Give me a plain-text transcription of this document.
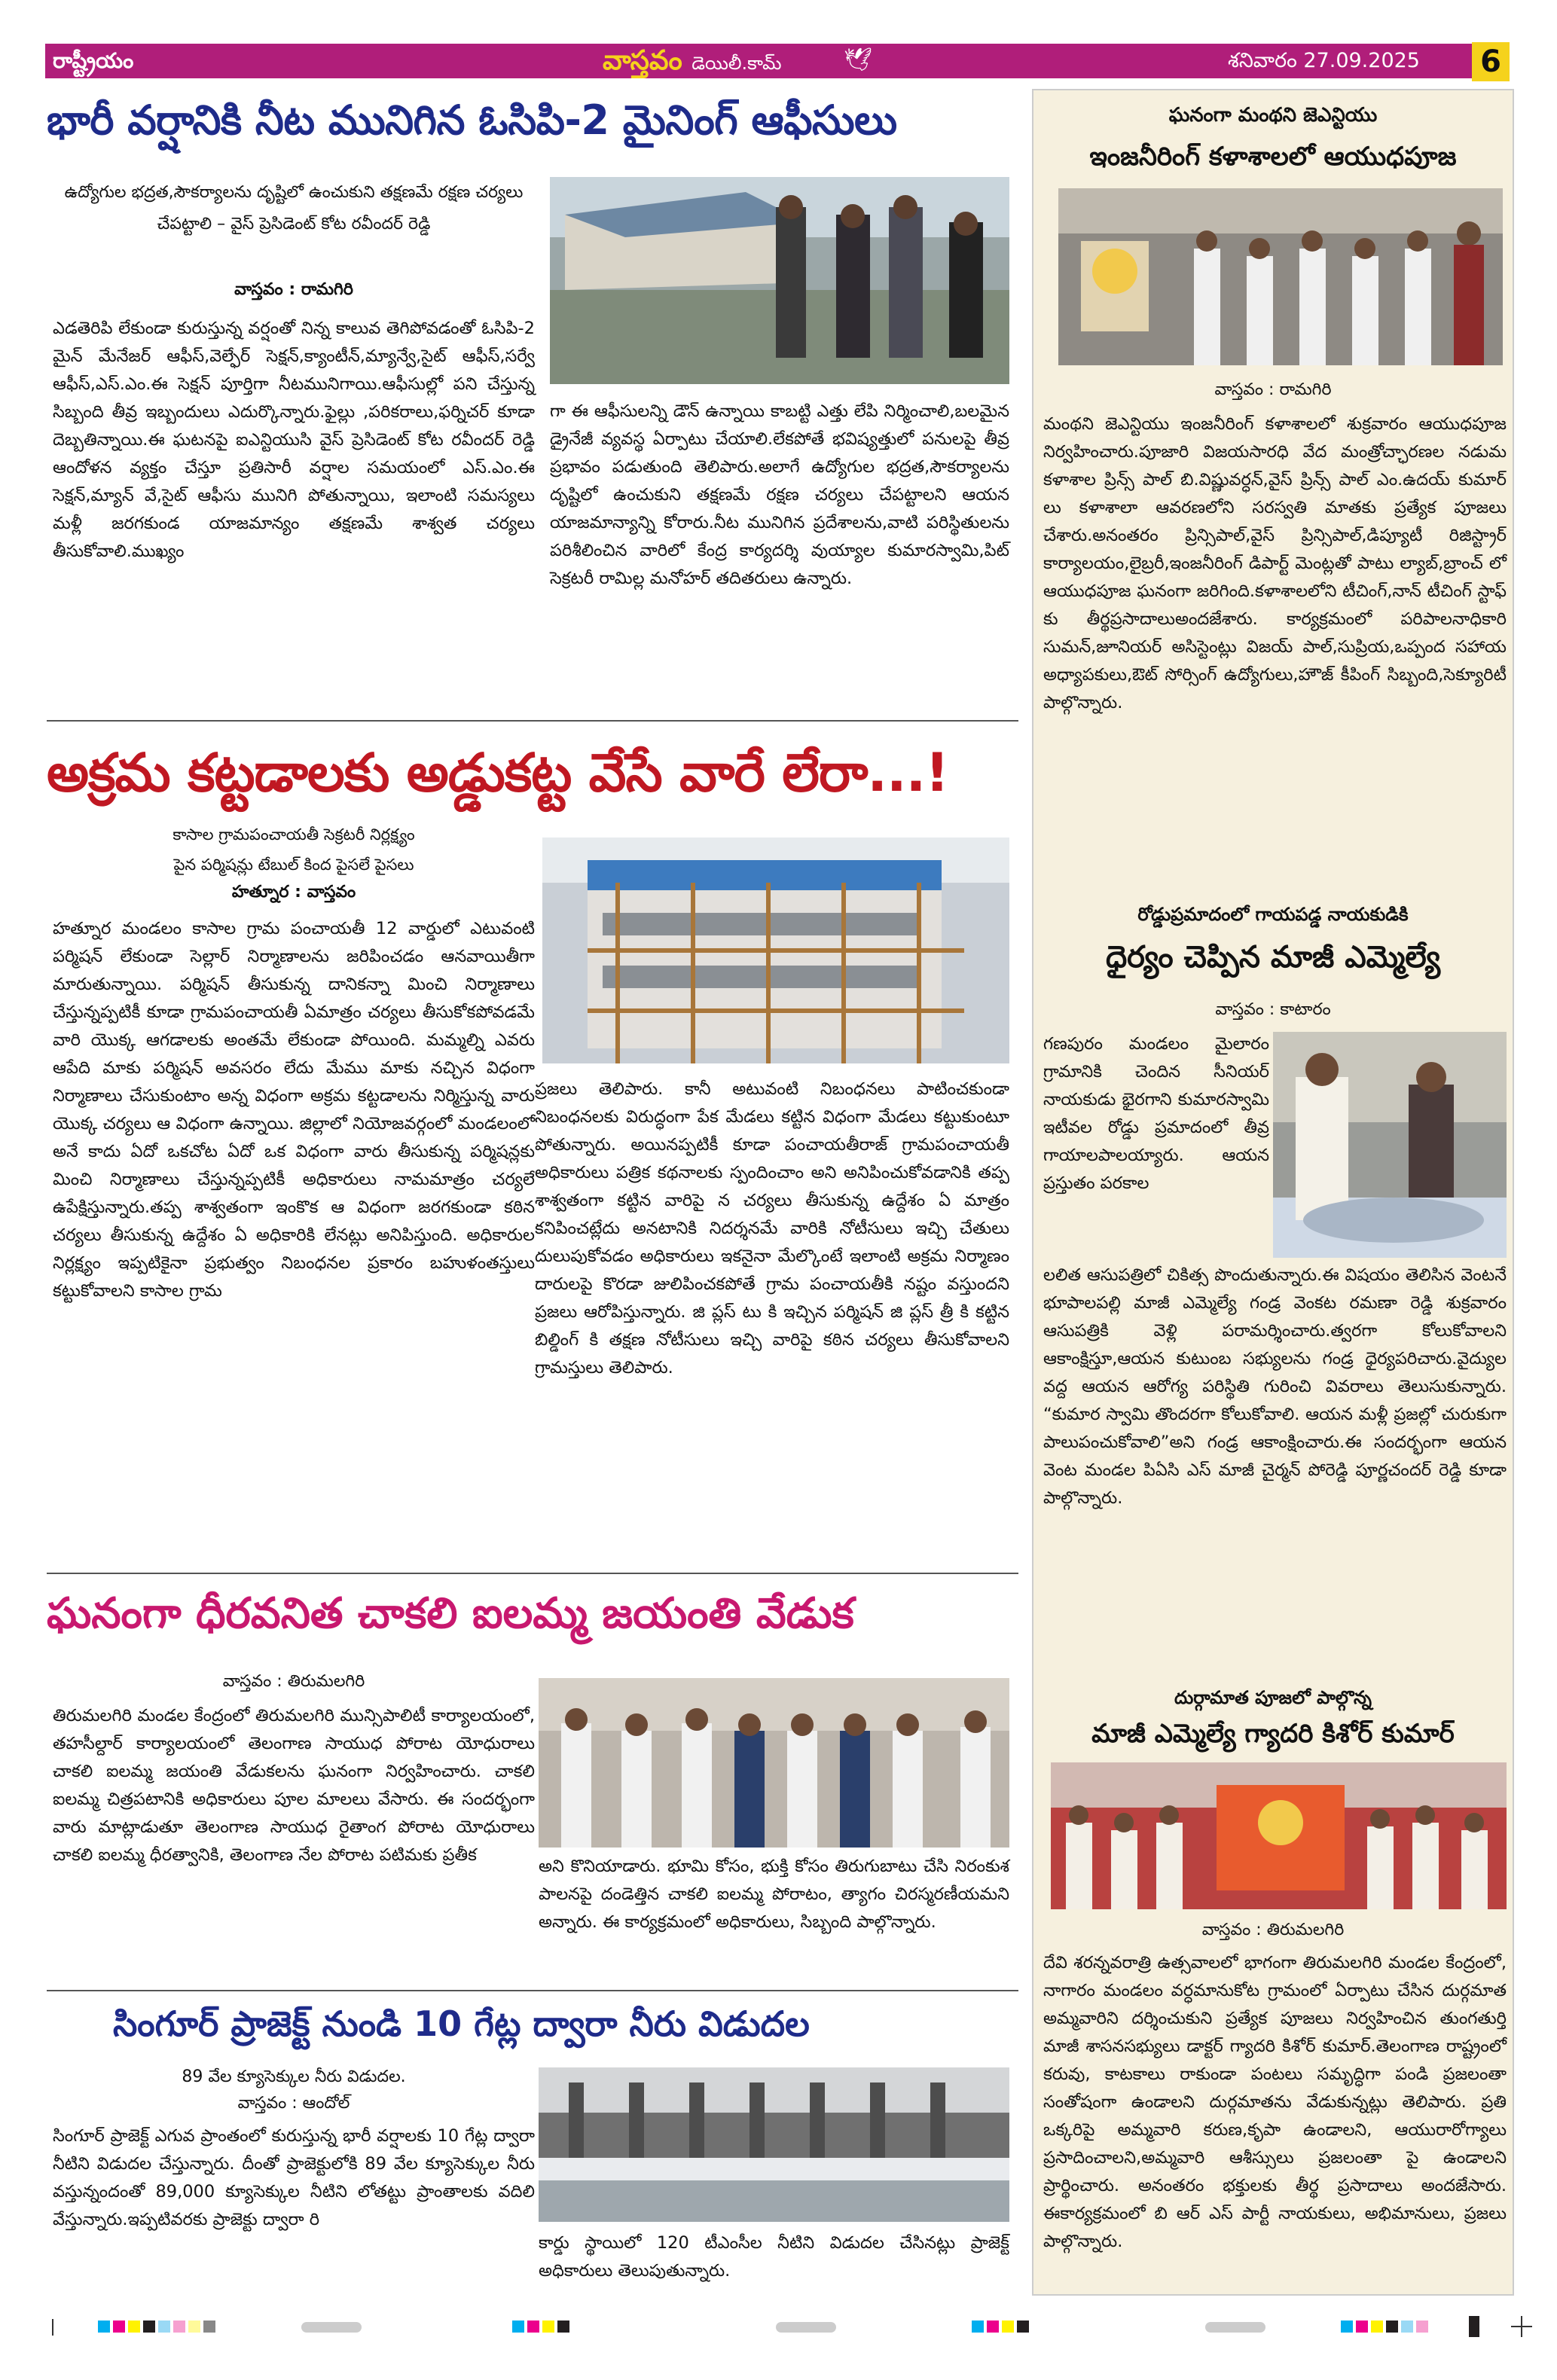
రాష్ట్రీయం	వాస్తవం డెయిలీ.కామ్	🕊	శనివారం 27.09.2025 6
భారీ వర్షానికి నీట మునిగిన ఓసిపి-2 మైనింగ్ ఆఫీసులు
ఉద్యోగుల భద్రత,సౌకర్యాలను దృష్టిలో ఉంచుకుని తక్షణమే రక్షణ చర్యలు చేపట్టాలి – వైస్ ప్రెసిడెంట్ కోట రవీందర్ రెడ్డి
వాస్తవం : రామగిరి
ఎడతెరిపి లేకుండా కురుస్తున్న వర్షంతో నిన్న కాలువ తెగిపోవడంతో ఓసిపి-2 మైన్ మేనేజర్ ఆఫీస్,వెల్ఫేర్ సెక్షన్,క్యాంటీన్,మ్యాన్వే,సైట్ ఆఫీస్,సర్వే ఆఫీస్,ఎస్.ఎం.ఈ సెక్షన్ పూర్తిగా నీటమునిగాయి.ఆఫీసుల్లో పని చేస్తున్న సిబ్బంది తీవ్ర ఇబ్బందులు ఎదుర్కొన్నారు.ఫైల్లు ,పరికరాలు,ఫర్నిచర్ కూడా దెబ్బతిన్నాయి.ఈ ఘటనపై ఐఎన్టియుసి వైస్ ప్రెసిడెంట్ కోట రవీందర్ రెడ్డి ఆందోళన వ్యక్తం చేస్తూ ప్రతిసారీ వర్షాల సమయంలో ఎస్.ఎం.ఈ సెక్షన్,మ్యాన్ వే,సైట్ ఆఫీసు మునిగి పోతున్నాయి, ఇలాంటి సమస్యలు మళ్లీ జరగకుండ యాజమాన్యం తక్షణమే శాశ్వత చర్యలు తీసుకోవాలి.ముఖ్యం
గా ఈ ఆఫీసులన్ని డౌన్ ఉన్నాయి కాబట్టి ఎత్తు లేపి నిర్మించాలి,బలమైన డ్రైనేజీ వ్యవస్థ ఏర్పాటు చేయాలి.లేకపోతే భవిష్యత్తులో పనులపై తీవ్ర ప్రభావం పడుతుంది తెలిపారు.అలాగే ఉద్యోగుల భద్రత,సౌకర్యాలను దృష్టిలో ఉంచుకుని తక్షణమే రక్షణ చర్యలు చేపట్టాలని ఆయన యాజమాన్యాన్ని కోరారు.నీట మునిగిన ప్రదేశాలను,వాటి పరిస్థితులను పరిశీలించిన వారిలో కేంద్ర కార్యదర్శి వుయ్యాల కుమారస్వామి,పిట్ సెక్రటరీ రామిల్ల మనోహర్ తదితరులు ఉన్నారు.
అక్రమ కట్టడాలకు అడ్డుకట్ట వేసే వారే లేరా...!
కాసాల గ్రామపంచాయతీ సెక్రటరీ నిర్లక్ష్యం
పైన పర్మిషన్లు టేబుల్ కింద పైసలే పైసలు
హత్నూర : వాస్తవం
హత్నూర మండలం కాసాల గ్రామ పంచాయతీ 12 వార్డులో ఎటువంటి పర్మిషన్ లేకుండా సెల్లార్ నిర్మాణాలను జరిపించడం ఆనవాయితీగా మారుతున్నాయి. పర్మిషన్ తీసుకున్న దానికన్నా మించి నిర్మాణాలు చేస్తున్నప్పటికీ కూడా గ్రామపంచాయతీ ఏమాత్రం చర్యలు తీసుకోకపోవడమే వారి యొక్క ఆగడాలకు అంతమే లేకుండా పోయింది. మమ్మల్ని ఎవరు ఆపేది మాకు పర్మిషన్ అవసరం లేదు మేము మాకు నచ్చిన విధంగా నిర్మాణాలు చేసుకుంటాం అన్న విధంగా అక్రమ కట్టడాలను నిర్మిస్తున్న వారు యొక్క చర్యలు ఆ విధంగా ఉన్నాయి. జిల్లాలో నియోజవర్గంలో మండలంలో అనే కాదు ఏదో ఒకచోట ఏదో ఒక విధంగా వారు తీసుకున్న పర్మిషన్లకు మించి నిర్మాణాలు చేస్తున్నప్పటికీ అధికారులు నామమాత్రం చర్యలే ఉపేక్షిస్తున్నారు.తప్ప శాశ్వతంగా ఇంకొక ఆ విధంగా జరగకుండా కఠిన చర్యలు తీసుకున్న ఉద్దేశం ఏ అధికారికి లేనట్లు అనిపిస్తుంది. అధికారుల నిర్లక్ష్యం ఇప్పటికైనా ప్రభుత్వం నిబంధనల ప్రకారం బహుళంతస్తులు కట్టుకోవాలని కాసాల గ్రామ
ప్రజలు తెలిపారు. కానీ అటువంటి నిబంధనలు పాటించకుండా నిబంధనలకు విరుద్ధంగా పేక మేడలు కట్టిన విధంగా మేడలు కట్టుకుంటూ పోతున్నారు. అయినప్పటికీ కూడా పంచాయతీరాజ్ గ్రామపంచాయతీ అధికారులు పత్రిక కథనాలకు స్పందించాం అని అనిపించుకోవడానికి తప్ప శాశ్వతంగా కట్టిన వారిపై న చర్యలు తీసుకున్న ఉద్దేశం ఏ మాత్రం కనిపించట్లేదు అనటానికి నిదర్శనమే వారికి నోటీసులు ఇచ్చి చేతులు దులుపుకోవడం అధికారులు ఇకనైనా మేల్కొంటే ఇలాంటి అక్రమ నిర్మాణం దారులపై కొరడా జులిపించకపోతే గ్రామ పంచాయతీకి నష్టం వస్తుందని ప్రజలు ఆరోపిస్తున్నారు. జి ప్లస్ టు కి ఇచ్చిన పర్మిషన్ జి ప్లస్ త్రీ కి కట్టిన బిల్డింగ్ కి తక్షణ నోటీసులు ఇచ్చి వారిపై కఠిన చర్యలు తీసుకోవాలని గ్రామస్తులు తెలిపారు.
ఘనంగా ధీరవనిత చాకలి ఐలమ్మ జయంతి వేడుక
వాస్తవం : తిరుమలగిరి
తిరుమలగిరి మండల కేంద్రంలో తిరుమలగిరి మున్సిపాలిటీ కార్యాలయంలో, తహసీల్దార్ కార్యాలయంలో తెలంగాణ సాయుధ పోరాట యోధురాలు చాకలి ఐలమ్మ జయంతి వేడుకలను ఘనంగా నిర్వహించారు. చాకలి ఐలమ్మ చిత్రపటానికి అధికారులు పూల మాలలు వేసారు. ఈ సందర్భంగా వారు మాట్లాడుతూ తెలంగాణ సాయుధ రైతాంగ పోరాట యోధురాలు చాకలి ఐలమ్మ ధీరత్వానికి, తెలంగాణ నేల పోరాట పటిమకు ప్రతీక
అని కొనియాడారు. భూమి కోసం, భుక్తి కోసం తిరుగుబాటు చేసి నిరంకుశ పాలనపై దండెత్తిన చాకలి ఐలమ్మ పోరాటం, త్యాగం చిరస్మరణీయమని అన్నారు. ఈ కార్యక్రమంలో అధికారులు, సిబ్బంది పాల్గొన్నారు.
సింగూర్ ప్రాజెక్ట్ నుండి 10 గేట్ల ద్వారా నీరు విడుదల
89 వేల క్యూసెక్కుల నీరు విడుదల.
వాస్తవం : ఆందోల్
సింగూర్ ప్రాజెక్ట్ ఎగువ ప్రాంతంలో కురుస్తున్న భారీ వర్షాలకు 10 గేట్ల ద్వారా నీటిని విడుదల చేస్తున్నారు. దీంతో ప్రాజెక్టులోకి 89 వేల క్యూసెక్కుల నీరు వస్తున్నందంతో 89,000 క్యూసెక్కుల నీటిని లోతట్టు ప్రాంతాలకు వదిలి వేస్తున్నారు.ఇప్పటివరకు ప్రాజెక్టు ద్వారా రి
కార్డు స్థాయిలో 120 టీఎంసీల నీటిని విడుదల చేసినట్లు ప్రాజెక్ట్ అధికారులు తెలుపుతున్నారు.
ఘనంగా మంథని జెఎన్టియు
ఇంజనీరింగ్ కళాశాలలో ఆయుధపూజ
వాస్తవం : రామగిరి
మంథని జెఎన్టియు ఇంజనీరింగ్ కళాశాలలో శుక్రవారం ఆయుధపూజ నిర్వహించారు.పూజారి విజయసారధి వేద మంత్రోచ్ఛారణల నడుమ కళాశాల ప్రిన్స్ పాల్ బి.విష్ణువర్ధన్,వైస్ ప్రిన్స్ పాల్ ఎం.ఉదయ్ కుమార్ లు కళాశాలా ఆవరణలోని సరస్వతి మాతకు ప్రత్యేక పూజలు చేశారు.అనంతరం ప్రిన్సిపాల్,వైస్ ప్రిన్సిపాల్,డిప్యూటీ రిజిస్ట్రార్ కార్యాలయం,లైబ్రరీ,ఇంజనీరింగ్ డిపార్ట్ మెంట్లతో పాటు ల్యాబ్,బ్రాంచ్ లో ఆయుధపూజ ఘనంగా జరిగింది.కళాశాలలోని టీచింగ్,నాన్ టీచింగ్ స్టాఫ్ కు తీర్థప్రసాదాలుఅందజేశారు. కార్యక్రమంలో పరిపాలనాధికారి సుమన్,జూనియర్ అసిస్టెంట్లు విజయ్ పాల్,సుప్రియ,ఒప్పంద సహాయ అధ్యాపకులు,ఔట్ సోర్సింగ్ ఉద్యోగులు,హౌజ్ కీపింగ్ సిబ్బంది,సెక్యూరిటీ పాల్గొన్నారు.
రోడ్డుప్రమాదంలో గాయపడ్డ నాయకుడికి
ధైర్యం చెప్పిన మాజీ ఎమ్మెల్యే
వాస్తవం : కాటారం
గణపురం మండలం మైలారం గ్రామానికి చెందిన సీనియర్ నాయకుడు భైరగాని కుమారస్వామి ఇటీవల రోడ్డు ప్రమాదంలో తీవ్ర గాయాలపాలయ్యారు. ఆయన ప్రస్తుతం పరకాల
లలిత ఆసుపత్రిలో చికిత్స పొందుతున్నారు.ఈ విషయం తెలిసిన వెంటనే భూపాలపల్లి మాజీ ఎమ్మెల్యే గండ్ర వెంకట రమణా రెడ్డి శుక్రవారం ఆసుపత్రికి వెళ్లి పరామర్శించారు.త్వరగా కోలుకోవాలని ఆకాంక్షిస్తూ,ఆయన కుటుంబ సభ్యులను గండ్ర ధైర్యపరిచారు.వైద్యుల వద్ద ఆయన ఆరోగ్య పరిస్థితి గురించి వివరాలు తెలుసుకున్నారు. “కుమార స్వామి తొందరగా కోలుకోవాలి. ఆయన మళ్లీ ప్రజల్లో చురుకుగా పాలుపంచుకోవాలి”అని గండ్ర ఆకాంక్షించారు.ఈ సందర్భంగా ఆయన వెంట మండల పిఏసి ఎస్ మాజీ చైర్మన్ పోరెడ్డి పూర్ణచందర్ రెడ్డి కూడా పాల్గొన్నారు.
దుర్గామాత పూజలో పాల్గొన్న
మాజీ ఎమ్మెల్యే గ్యాదరి కిశోర్ కుమార్
వాస్తవం : తిరుమలగిరి
దేవి శరన్నవరాత్రి ఉత్సవాలలో భాగంగా తిరుమలగిరి మండల కేంద్రంలో, నాగారం మండలం వర్ధమానుకోట గ్రామంలో ఏర్పాటు చేసిన దుర్గమాత అమ్మవారిని దర్శించుకుని ప్రత్యేక పూజలు నిర్వహించిన తుంగతుర్తి మాజీ శాసనసభ్యులు డాక్టర్ గ్యాదరి కిశోర్ కుమార్.తెలంగాణ రాష్ట్రంలో కరువు, కాటకాలు రాకుండా పంటలు సమృద్ధిగా పండి ప్రజలంతా సంతోషంగా ఉండాలని దుర్గమాతను వేడుకున్నట్లు తెలిపారు. ప్రతి ఒక్కరిపై అమ్మవారి కరుణ,కృపా ఉండాలని, ఆయురారోగ్యాలు ప్రసాదించాలని,అమ్మవారి ఆశీస్సులు ప్రజలంతా పై ఉండాలని ప్రార్థించారు. అనంతరం భక్తులకు తీర్థ ప్రసాదాలు అందజేసారు. ఈకార్యక్రమంలో బి ఆర్ ఎస్ పార్టీ నాయకులు, అభిమానులు, ప్రజలు పాల్గొన్నారు.
